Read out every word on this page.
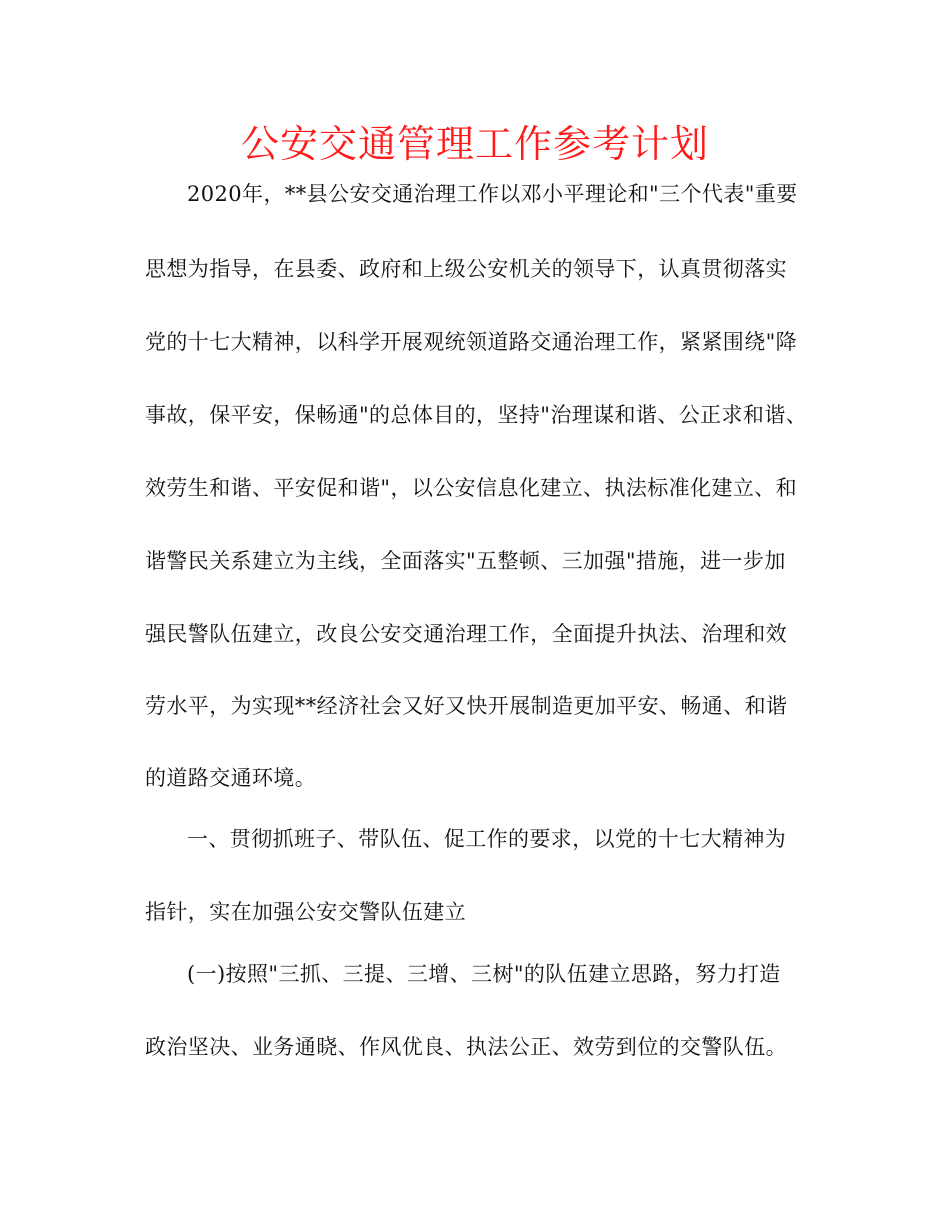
公安交通管理工作参考计划
2020年，**县公安交通治理工作以邓小平理论和"三个代表"重要
思想为指导，在县委、政府和上级公安机关的领导下，认真贯彻落实
党的十七大精神，以科学开展观统领道路交通治理工作，紧紧围绕"降
事故，保平安，保畅通"的总体目的，坚持"治理谋和谐、公正求和谐、
效劳生和谐、平安促和谐"，以公安信息化建立、执法标准化建立、和
谐警民关系建立为主线，全面落实"五整顿、三加强"措施，进一步加
强民警队伍建立，改良公安交通治理工作，全面提升执法、治理和效
劳水平，为实现**经济社会又好又快开展制造更加平安、畅通、和谐
的道路交通环境。
一、贯彻抓班子、带队伍、促工作的要求，以党的十七大精神为
指针，实在加强公安交警队伍建立
(一)按照"三抓、三提、三增、三树"的队伍建立思路，努力打造
政治坚决、业务通晓、作风优良、执法公正、效劳到位的交警队伍。
